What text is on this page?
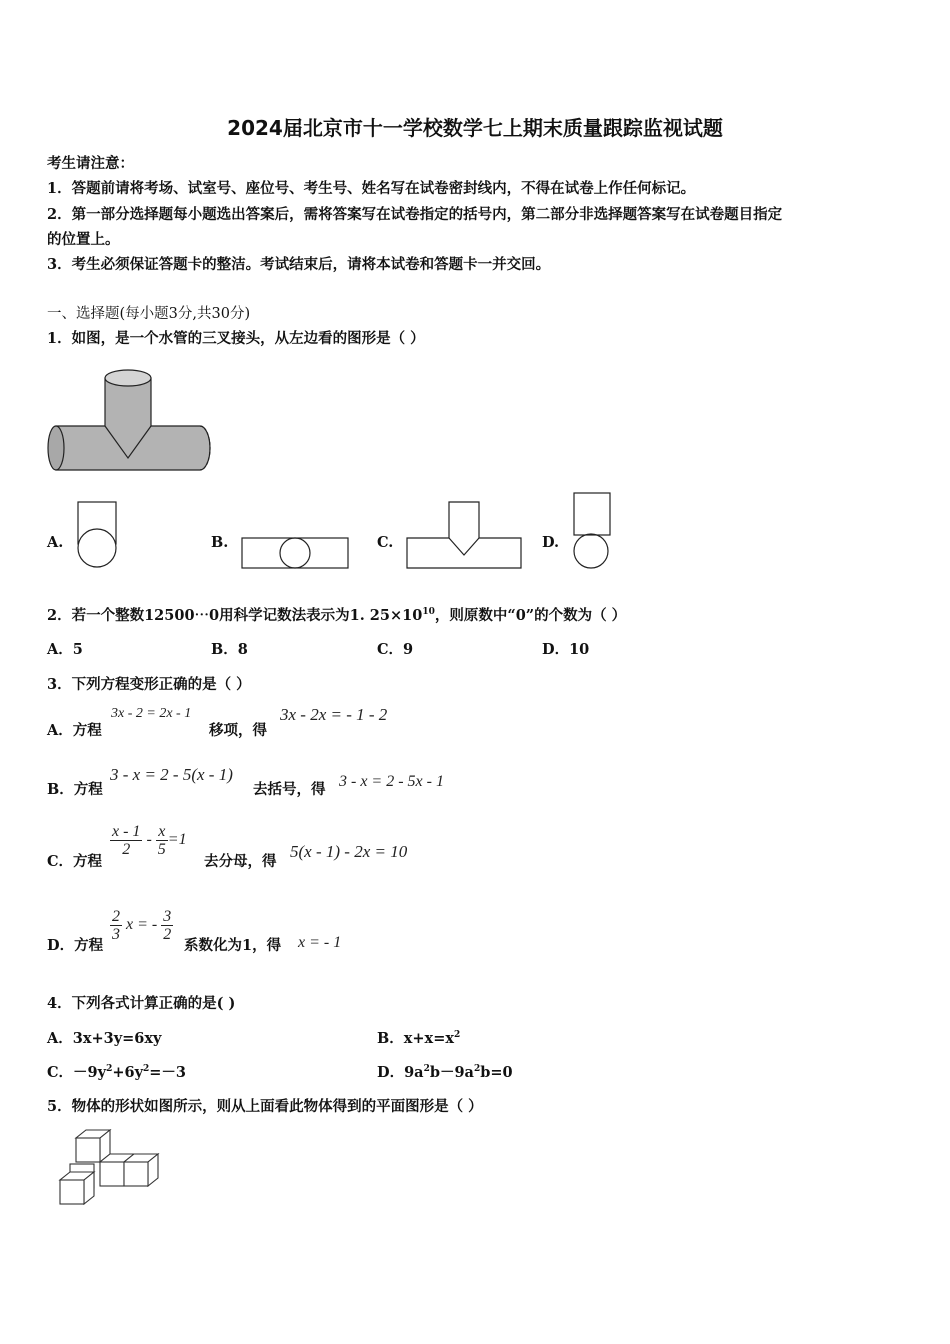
2024届北京市十一学校数学七上期末质量跟踪监视试题
考生请注意：
1．答题前请将考场、试室号、座位号、考生号、姓名写在试卷密封线内，不得在试卷上作任何标记。
2．第一部分选择题每小题选出答案后，需将答案写在试卷指定的括号内，第二部分非选择题答案写在试卷题目指定
的位置上。
3．考生必须保证答题卡的整洁。考试结束后，请将本试卷和答题卡一并交回。
一、选择题(每小题3分,共30分)
1．如图，是一个水管的三叉接头，从左边看的图形是（ ）
A.	B.	C.	D.
2．若一个整数12500⋯0用科学记数法表示为1. $25\times 10^{10}$，则原数中“0”的个数为（ ）
A．5	B．8	C．9	D．10
3．下列方程变形正确的是（ ）
A．方程
3x - 2 = 2x - 1
移项，得
3x - 2x = - 1 - 2
B．方程
3 - x = 2 - 5(x - 1)
去括号，得 3 - x = 2 - 5x - 1
C．方程
$\frac{x - 1}{2} - \frac{x}{5} =1$
去分母，得
5(x - 1) - 2x = 10
D．方程
$\frac{2}{3}$ x = - $\frac{3}{2}$
系数化为1，得 x = - 1
4．下列各式计算正确的是( )
A．3x+3y=6xy	B．$x+x=x^2$
C．$-9y^2+6y^2=-3$	D．$9a^2b-9a^2b=0$
5．物体的形状如图所示，则从上面看此物体得到的平面图形是（ ）
